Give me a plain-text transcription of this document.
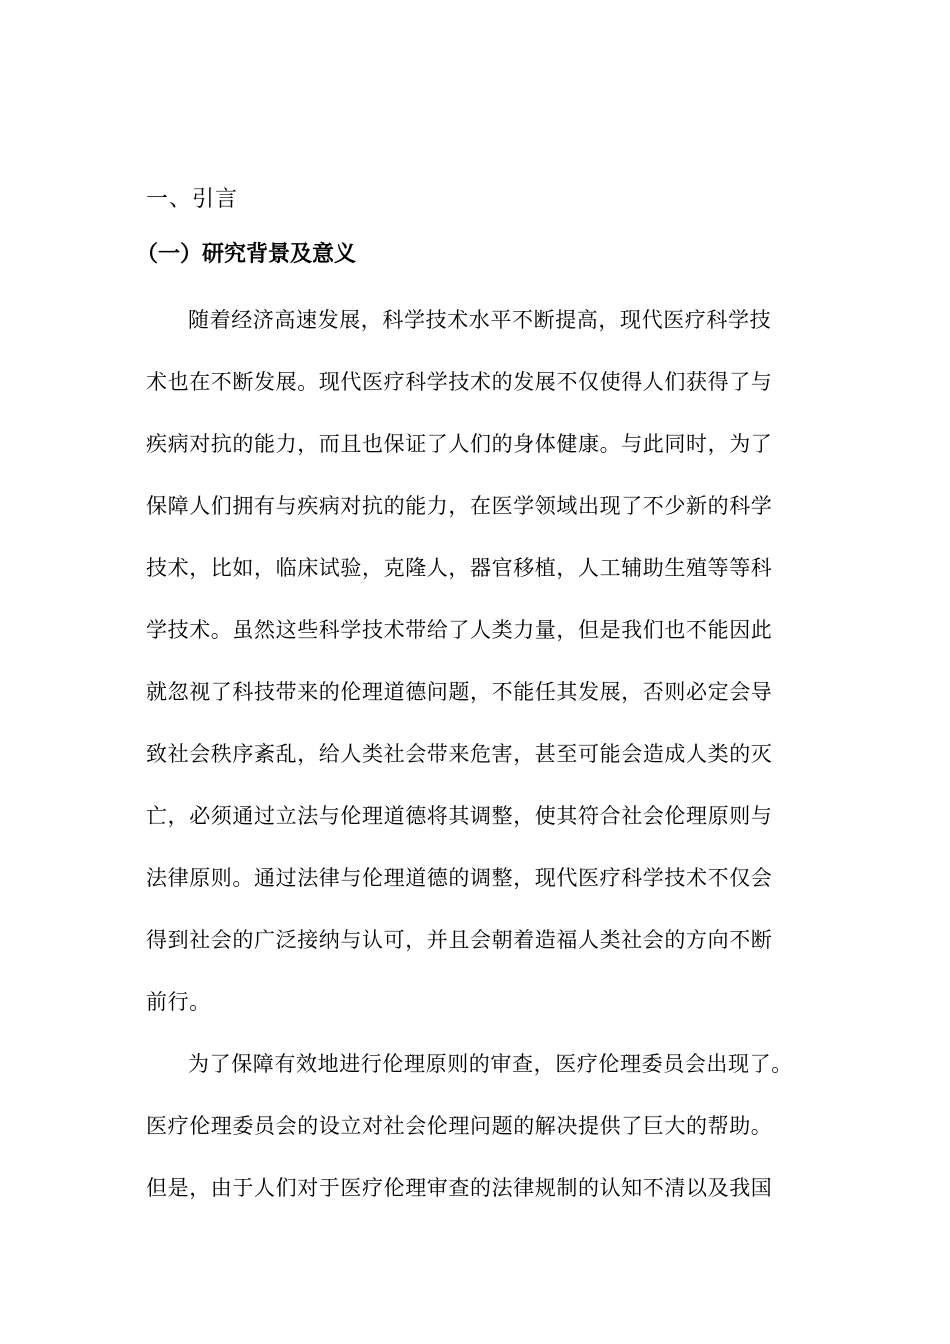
一、引言
（一）研究背景及意义

随着经济高速发展，科学技术水平不断提高，现代医疗科学技
术也在不断发展。现代医疗科学技术的发展不仅使得人们获得了与
疾病对抗的能力，而且也保证了人们的身体健康。与此同时，为了
保障人们拥有与疾病对抗的能力，在医学领域出现了不少新的科学
技术，比如，临床试验，克隆人，器官移植，人工辅助生殖等等科
学技术。虽然这些科学技术带给了人类力量，但是我们也不能因此
就忽视了科技带来的伦理道德问题，不能任其发展，否则必定会导
致社会秩序紊乱，给人类社会带来危害，甚至可能会造成人类的灭
亡，必须通过立法与伦理道德将其调整，使其符合社会伦理原则与
法律原则。通过法律与伦理道德的调整，现代医疗科学技术不仅会
得到社会的广泛接纳与认可，并且会朝着造福人类社会的方向不断
前行。

为了保障有效地进行伦理原则的审查，医疗伦理委员会出现了。
医疗伦理委员会的设立对社会伦理问题的解决提供了巨大的帮助。
但是，由于人们对于医疗伦理审查的法律规制的认知不清以及我国
